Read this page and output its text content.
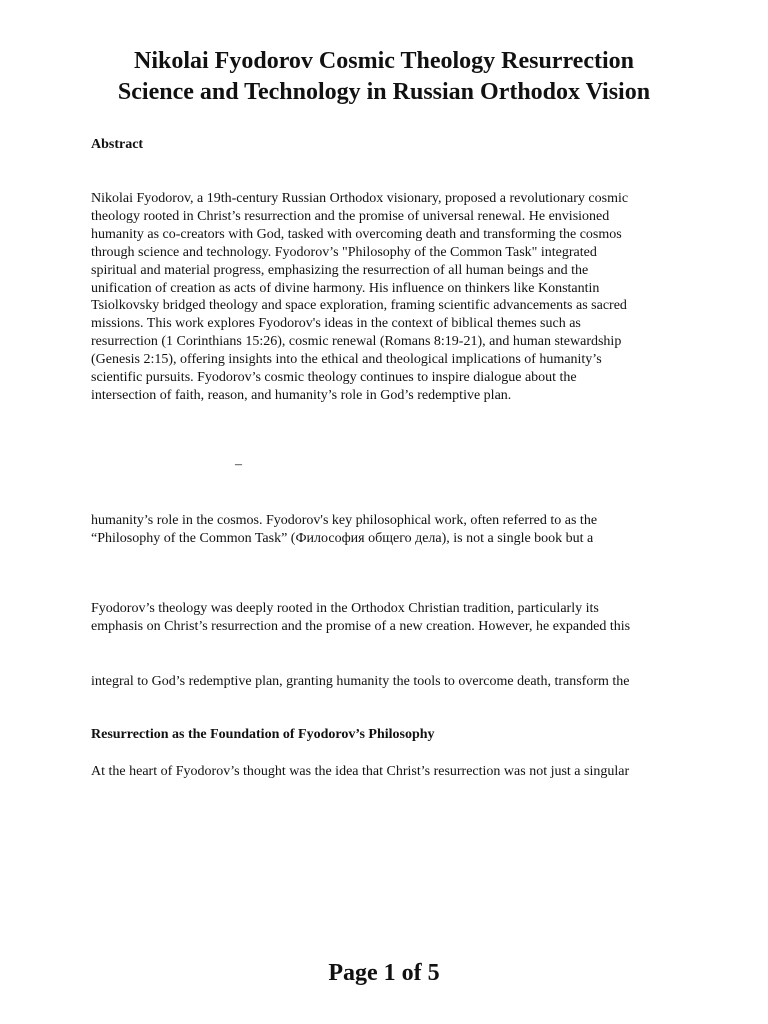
Nikolai Fyodorov Cosmic Theology Resurrection
Science and Technology in Russian Orthodox Vision
Abstract
Nikolai Fyodorov, a 19th-century Russian Orthodox visionary, proposed a revolutionary cosmic
theology rooted in Christ’s resurrection and the promise of universal renewal. He envisioned
humanity as co-creators with God, tasked with overcoming death and transforming the cosmos
through science and technology. Fyodorov’s "Philosophy of the Common Task" integrated
spiritual and material progress, emphasizing the resurrection of all human beings and the
unification of creation as acts of divine harmony. His influence on thinkers like Konstantin
Tsiolkovsky bridged theology and space exploration, framing scientific advancements as sacred
missions. This work explores Fyodorov's ideas in the context of biblical themes such as
resurrection (1 Corinthians 15:26), cosmic renewal (Romans 8:19-21), and human stewardship
(Genesis 2:15), offering insights into the ethical and theological implications of humanity’s
scientific pursuits. Fyodorov’s cosmic theology continues to inspire dialogue about the
intersection of faith, reason, and humanity’s role in God’s redemptive plan.
–
humanity’s role in the cosmos. Fyodorov's key philosophical work, often referred to as the
“Philosophy of the Common Task” (Философия общего дела), is not a single book but a
Fyodorov’s theology was deeply rooted in the Orthodox Christian tradition, particularly its
emphasis on Christ’s resurrection and the promise of a new creation. However, he expanded this
integral to God’s redemptive plan, granting humanity the tools to overcome death, transform the
Resurrection as the Foundation of Fyodorov’s Philosophy
At the heart of Fyodorov’s thought was the idea that Christ’s resurrection was not just a singular
Page 1 of 5
